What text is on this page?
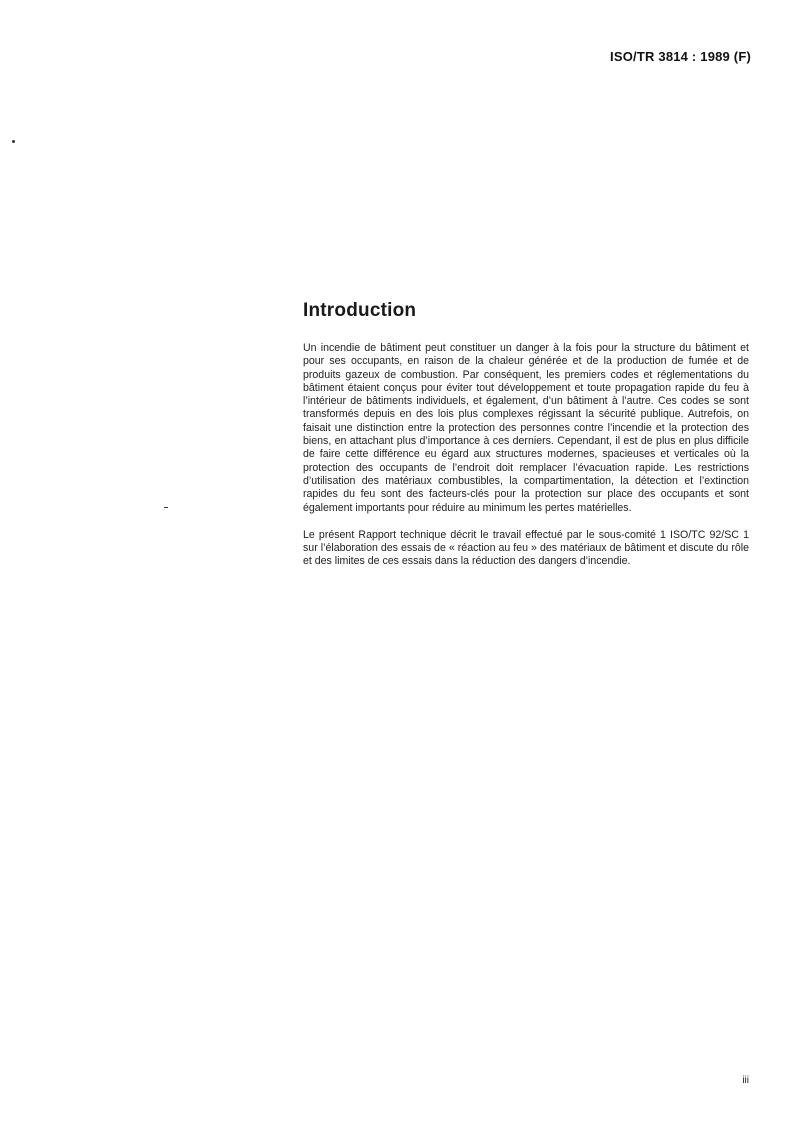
ISO/TR 3814 : 1989 (F)
Introduction

Un incendie de bâtiment peut constituer un danger à la fois pour la structure du bâtiment et pour ses occupants, en raison de la chaleur générée et de la production de fumée et de produits gazeux de combustion. Par conséquent, les premiers codes et réglementations du bâtiment étaient conçus pour éviter tout développement et toute propagation rapide du feu à l’intérieur de bâtiments individuels, et également, d’un bâtiment à l’autre. Ces codes se sont transformés depuis en des lois plus complexes régissant la sécurité publique. Autrefois, on faisait une distinction entre la protection des personnes contre l’incendie et la protection des biens, en attachant plus d’importance à ces derniers. Cependant, il est de plus en plus difficile de faire cette différence eu égard aux structures modernes, spacieuses et verticales où la protection des occupants de l’endroit doit remplacer l’évacuation rapide. Les restrictions d’utilisation des matériaux combustibles, la compartimentation, la détection et l’extinction rapides du feu sont des facteurs-clés pour la protection sur place des occupants et sont également importants pour réduire au minimum les pertes matérielles.

Le présent Rapport technique décrit le travail effectué par le sous-comité 1 ISO/TC 92/SC 1 sur l’élaboration des essais de « réaction au feu » des matériaux de bâtiment et discute du rôle et des limites de ces essais dans la réduction des dangers d’incendie.

iii
